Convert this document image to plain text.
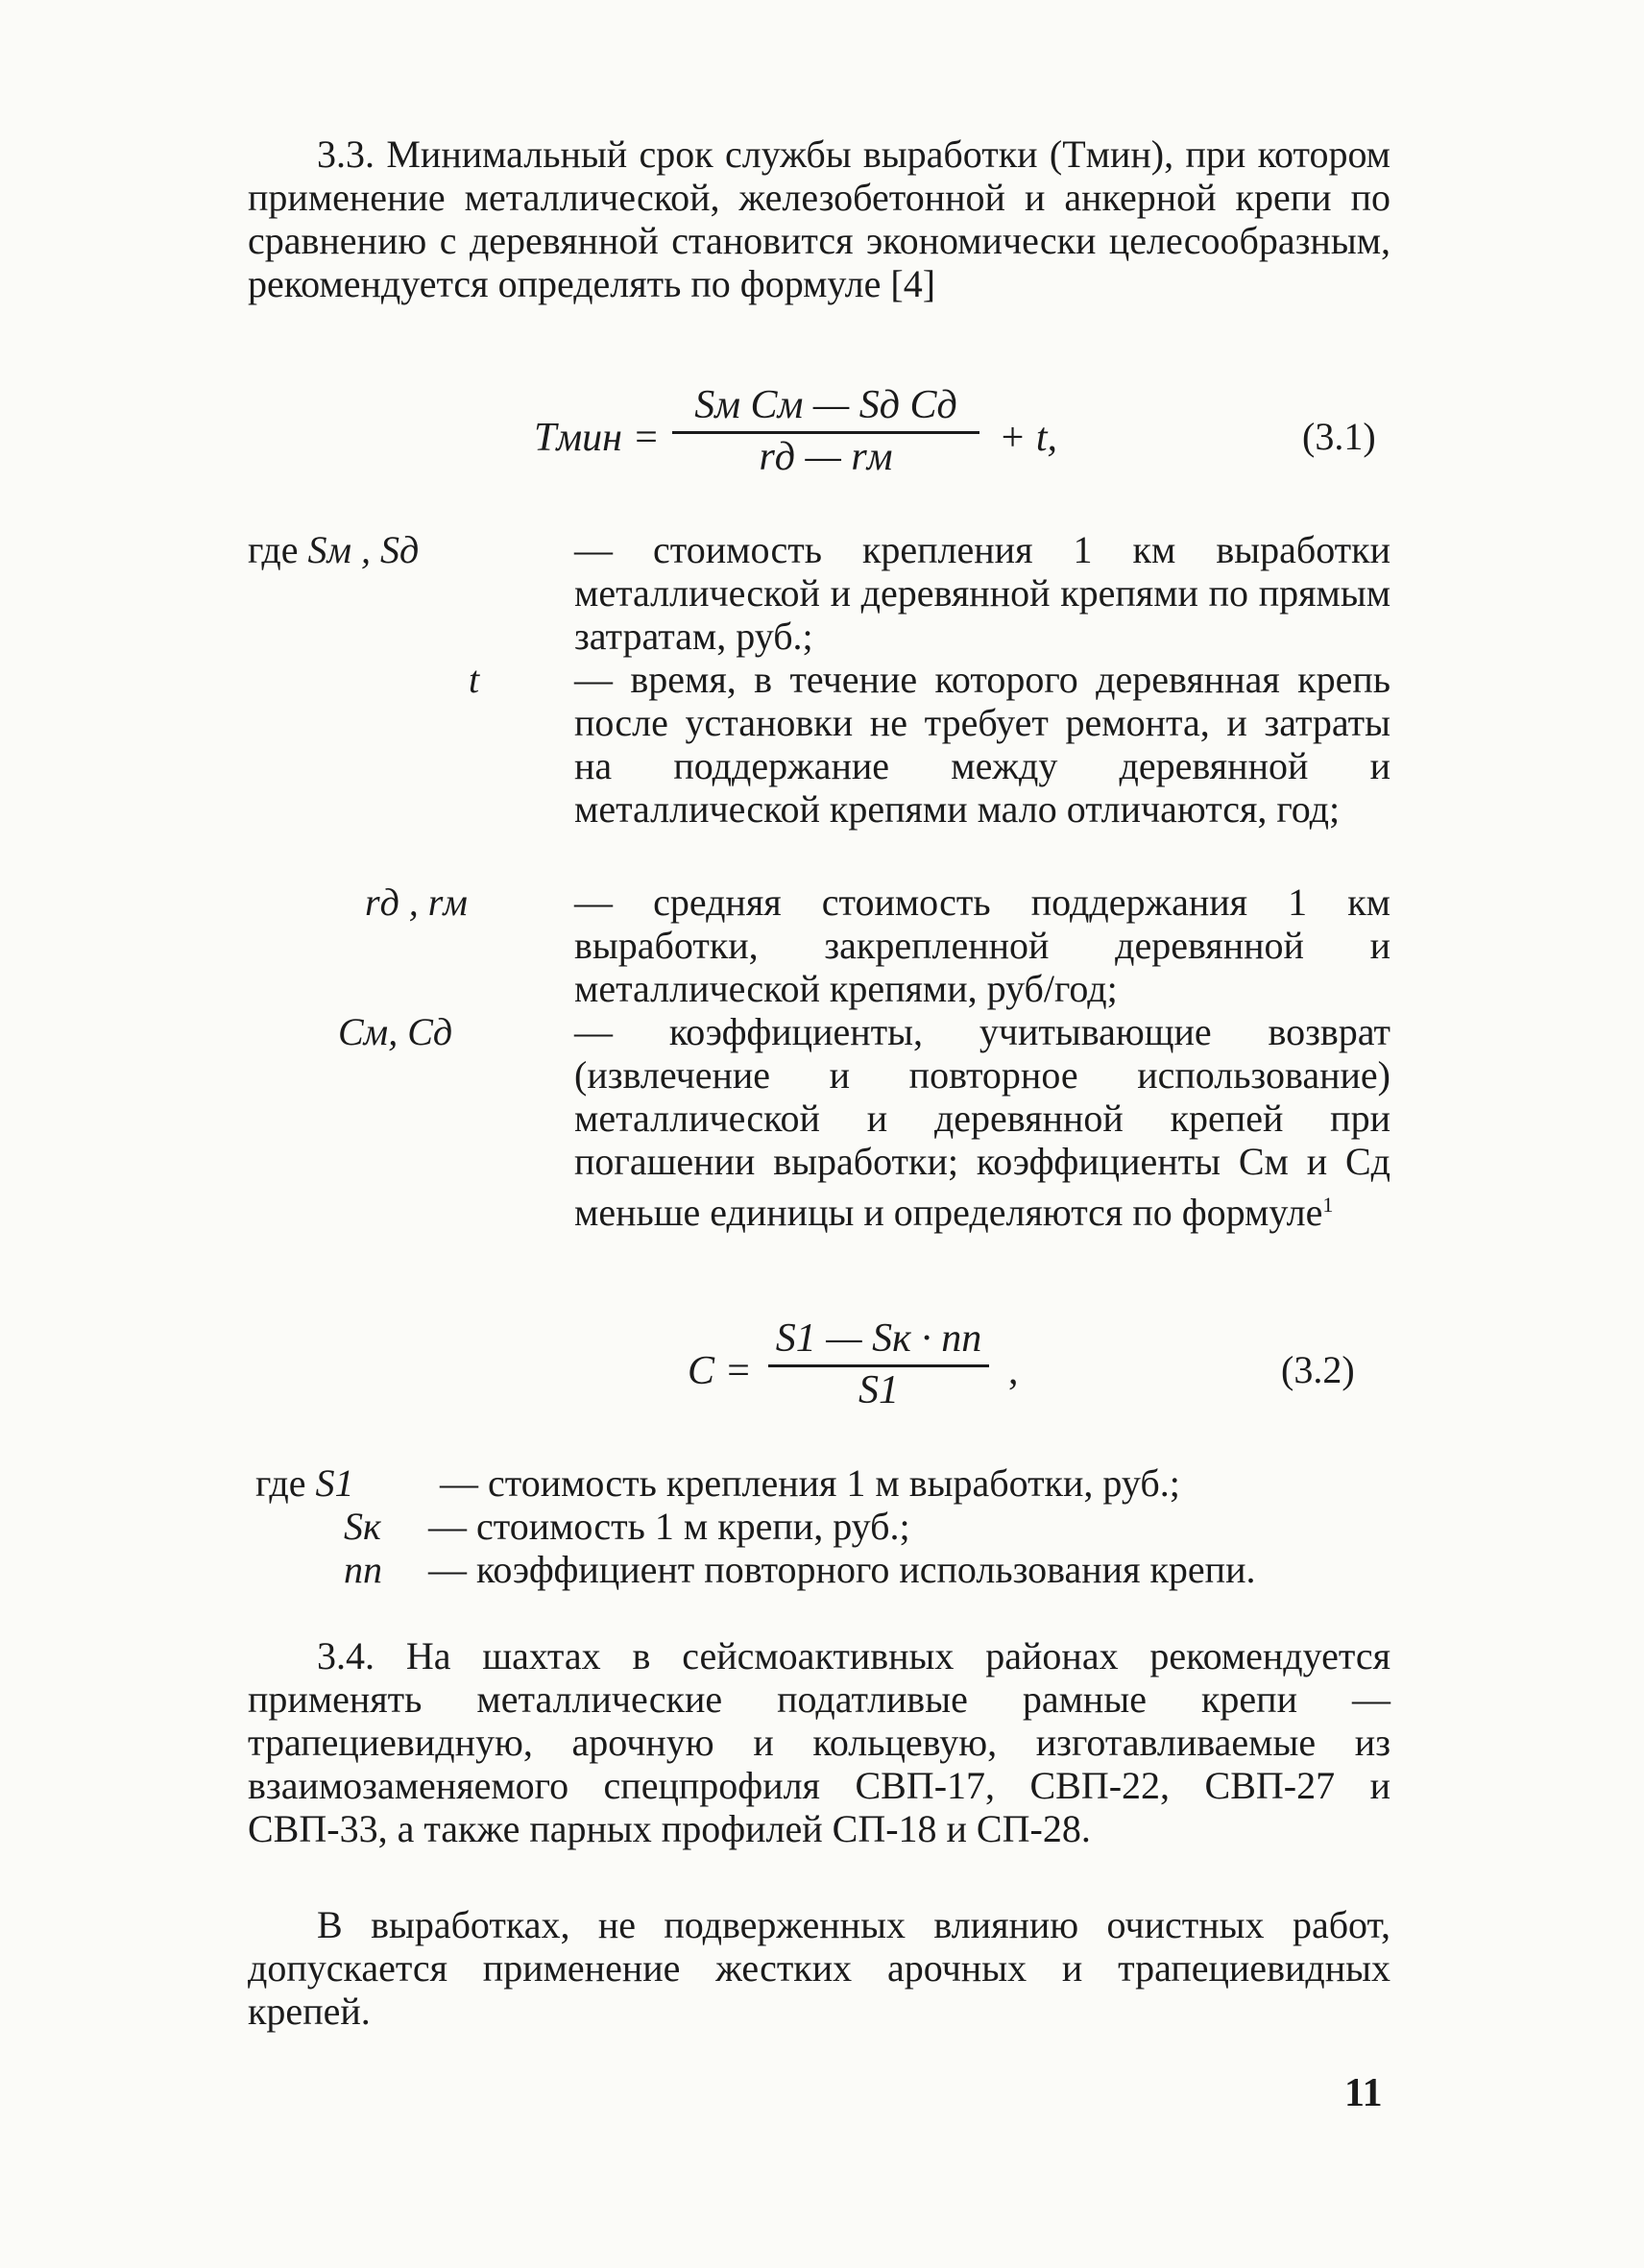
3.3. Минимальный срок службы выработки (Tмин), при котором применение металлической, железобетонной и анкерной крепи по сравнению с деревянной становится экономически целесообразным, рекомендуется определять по формуле [4]
Tмин =
Sм Cм — Sд Cд
rд — rм	+ t,	(3.1)
где Sм , Sд	— стоимость крепления 1 км выработки металлической и деревянной крепями по прямым затратам, руб.;
t — время, в течение которого деревянная крепь после установки не требует ремонта, и затраты на поддержание между деревянной и металлической крепями мало отличаются, год;
rд , rм	— средняя стоимость поддержания 1 км выработки, закрепленной деревянной и металлической крепями, руб/год;
Cм, Cд	— коэффициенты, учитывающие возврат (извлечение и повторное использование) металлической и деревянной крепей при погашении выработки; коэффициенты Cм и Cд меньше единицы и определяются по формуле$^1$
C =
S1 — Sк · nп
S1	,	(3.2)
где S1 — стоимость крепления 1 м выработки, руб.;
Sк — стоимость 1 м крепи, руб.;
nп — коэффициент повторного использования крепи.
3.4. На шахтах в сейсмоактивных районах рекомендуется применять металлические податливые рамные крепи — трапециевидную, арочную и кольцевую, изготавливаемые из взаимозаменяемого спецпрофиля СВП-17, СВП-22, СВП-27 и СВП-33, а также парных профилей СП-18 и СП-28.
В выработках, не подверженных влиянию очистных работ, допускается применение жестких арочных и трапециевидных крепей.
11
